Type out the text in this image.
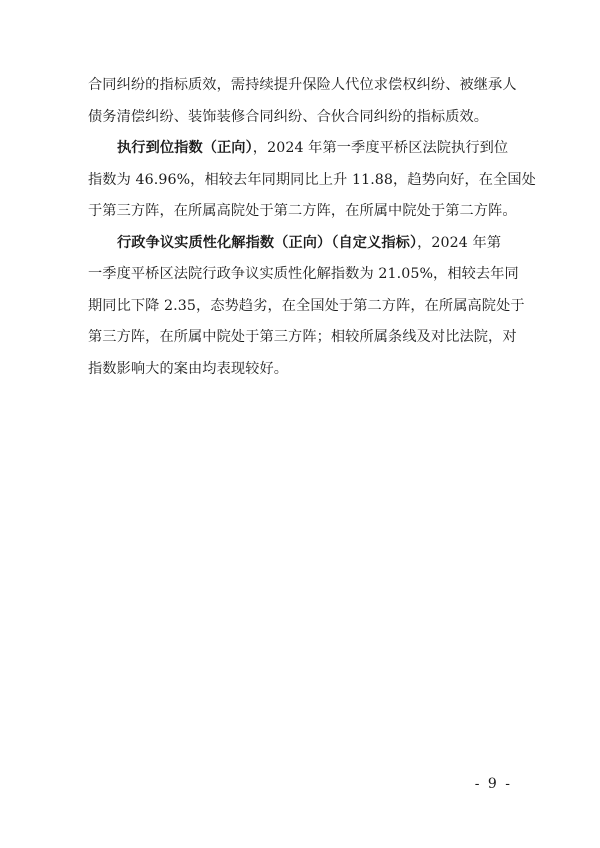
合同纠纷的指标质效，需持续提升保险人代位求偿权纠纷、被继承人
债务清偿纠纷、装饰装修合同纠纷、合伙合同纠纷的指标质效。
执行到位指数（正向），2024 年第一季度平桥区法院执行到位
指数为 46.96%，相较去年同期同比上升 11.88，趋势向好，在全国处
于第三方阵，在所属高院处于第二方阵，在所属中院处于第二方阵。
行政争议实质性化解指数（正向）（自定义指标），2024 年第
一季度平桥区法院行政争议实质性化解指数为 21.05%，相较去年同
期同比下降 2.35，态势趋劣，在全国处于第二方阵，在所属高院处于
第三方阵，在所属中院处于第三方阵；相较所属条线及对比法院，对
指数影响大的案由均表现较好。
- 9 -
